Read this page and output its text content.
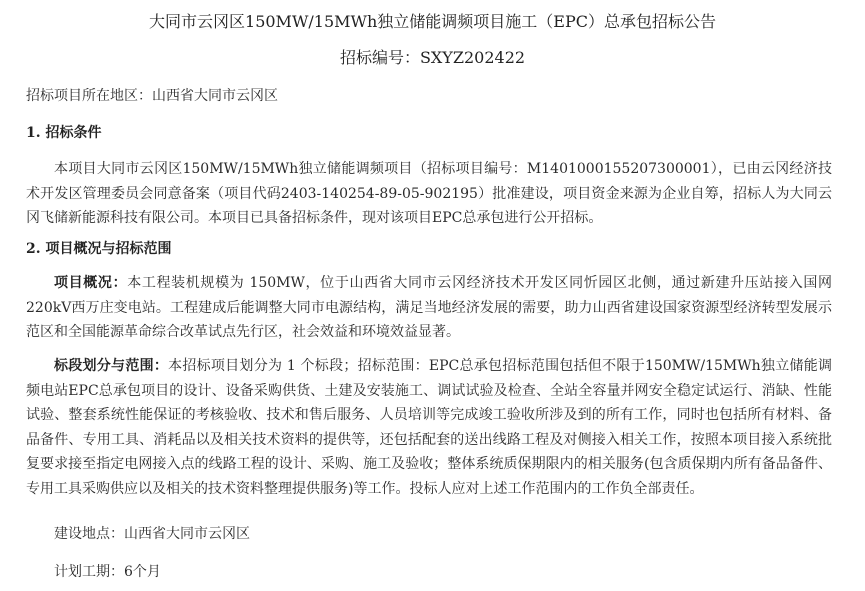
大同市云冈区150MW/15MWh独立储能调频项目施工（EPC）总承包招标公告
招标编号：SXYZ202422
招标项目所在地区：山西省大同市云冈区
1. 招标条件
本项目大同市云冈区150MW/15MWh独立储能调频项目（招标项目编号：M1401000155207300001），已由云冈经济技术开发区管理委员会同意备案（项目代码2403-140254-89-05-902195）批准建设，项目资金来源为企业自筹，招标人为大同云冈飞储新能源科技有限公司。本项目已具备招标条件，现对该项目EPC总承包进行公开招标。
2. 项目概况与招标范围
项目概况：本工程装机规模为 150MW，位于山西省大同市云冈经济技术开发区同忻园区北侧，通过新建升压站接入国网220kV西万庄变电站。工程建成后能调整大同市电源结构，满足当地经济发展的需要，助力山西省建设国家资源型经济转型发展示范区和全国能源革命综合改革试点先行区，社会效益和环境效益显著。
标段划分与范围：本招标项目划分为 1 个标段；招标范围：EPC总承包招标范围包括但不限于150MW/15MWh独立储能调频电站EPC总承包项目的设计、设备采购供货、土建及安装施工、调试试验及检查、全站全容量并网安全稳定试运行、消缺、性能试验、整套系统性能保证的考核验收、技术和售后服务、人员培训等完成竣工验收所涉及到的所有工作，同时也包括所有材料、备品备件、专用工具、消耗品以及相关技术资料的提供等，还包括配套的送出线路工程及对侧接入相关工作，按照本项目接入系统批复要求接至指定电网接入点的线路工程的设计、采购、施工及验收；整体系统质保期限内的相关服务(包含质保期内所有备品备件、专用工具采购供应以及相关的技术资料整理提供服务)等工作。投标人应对上述工作范围内的工作负全部责任。
建设地点：山西省大同市云冈区
计划工期：6个月
